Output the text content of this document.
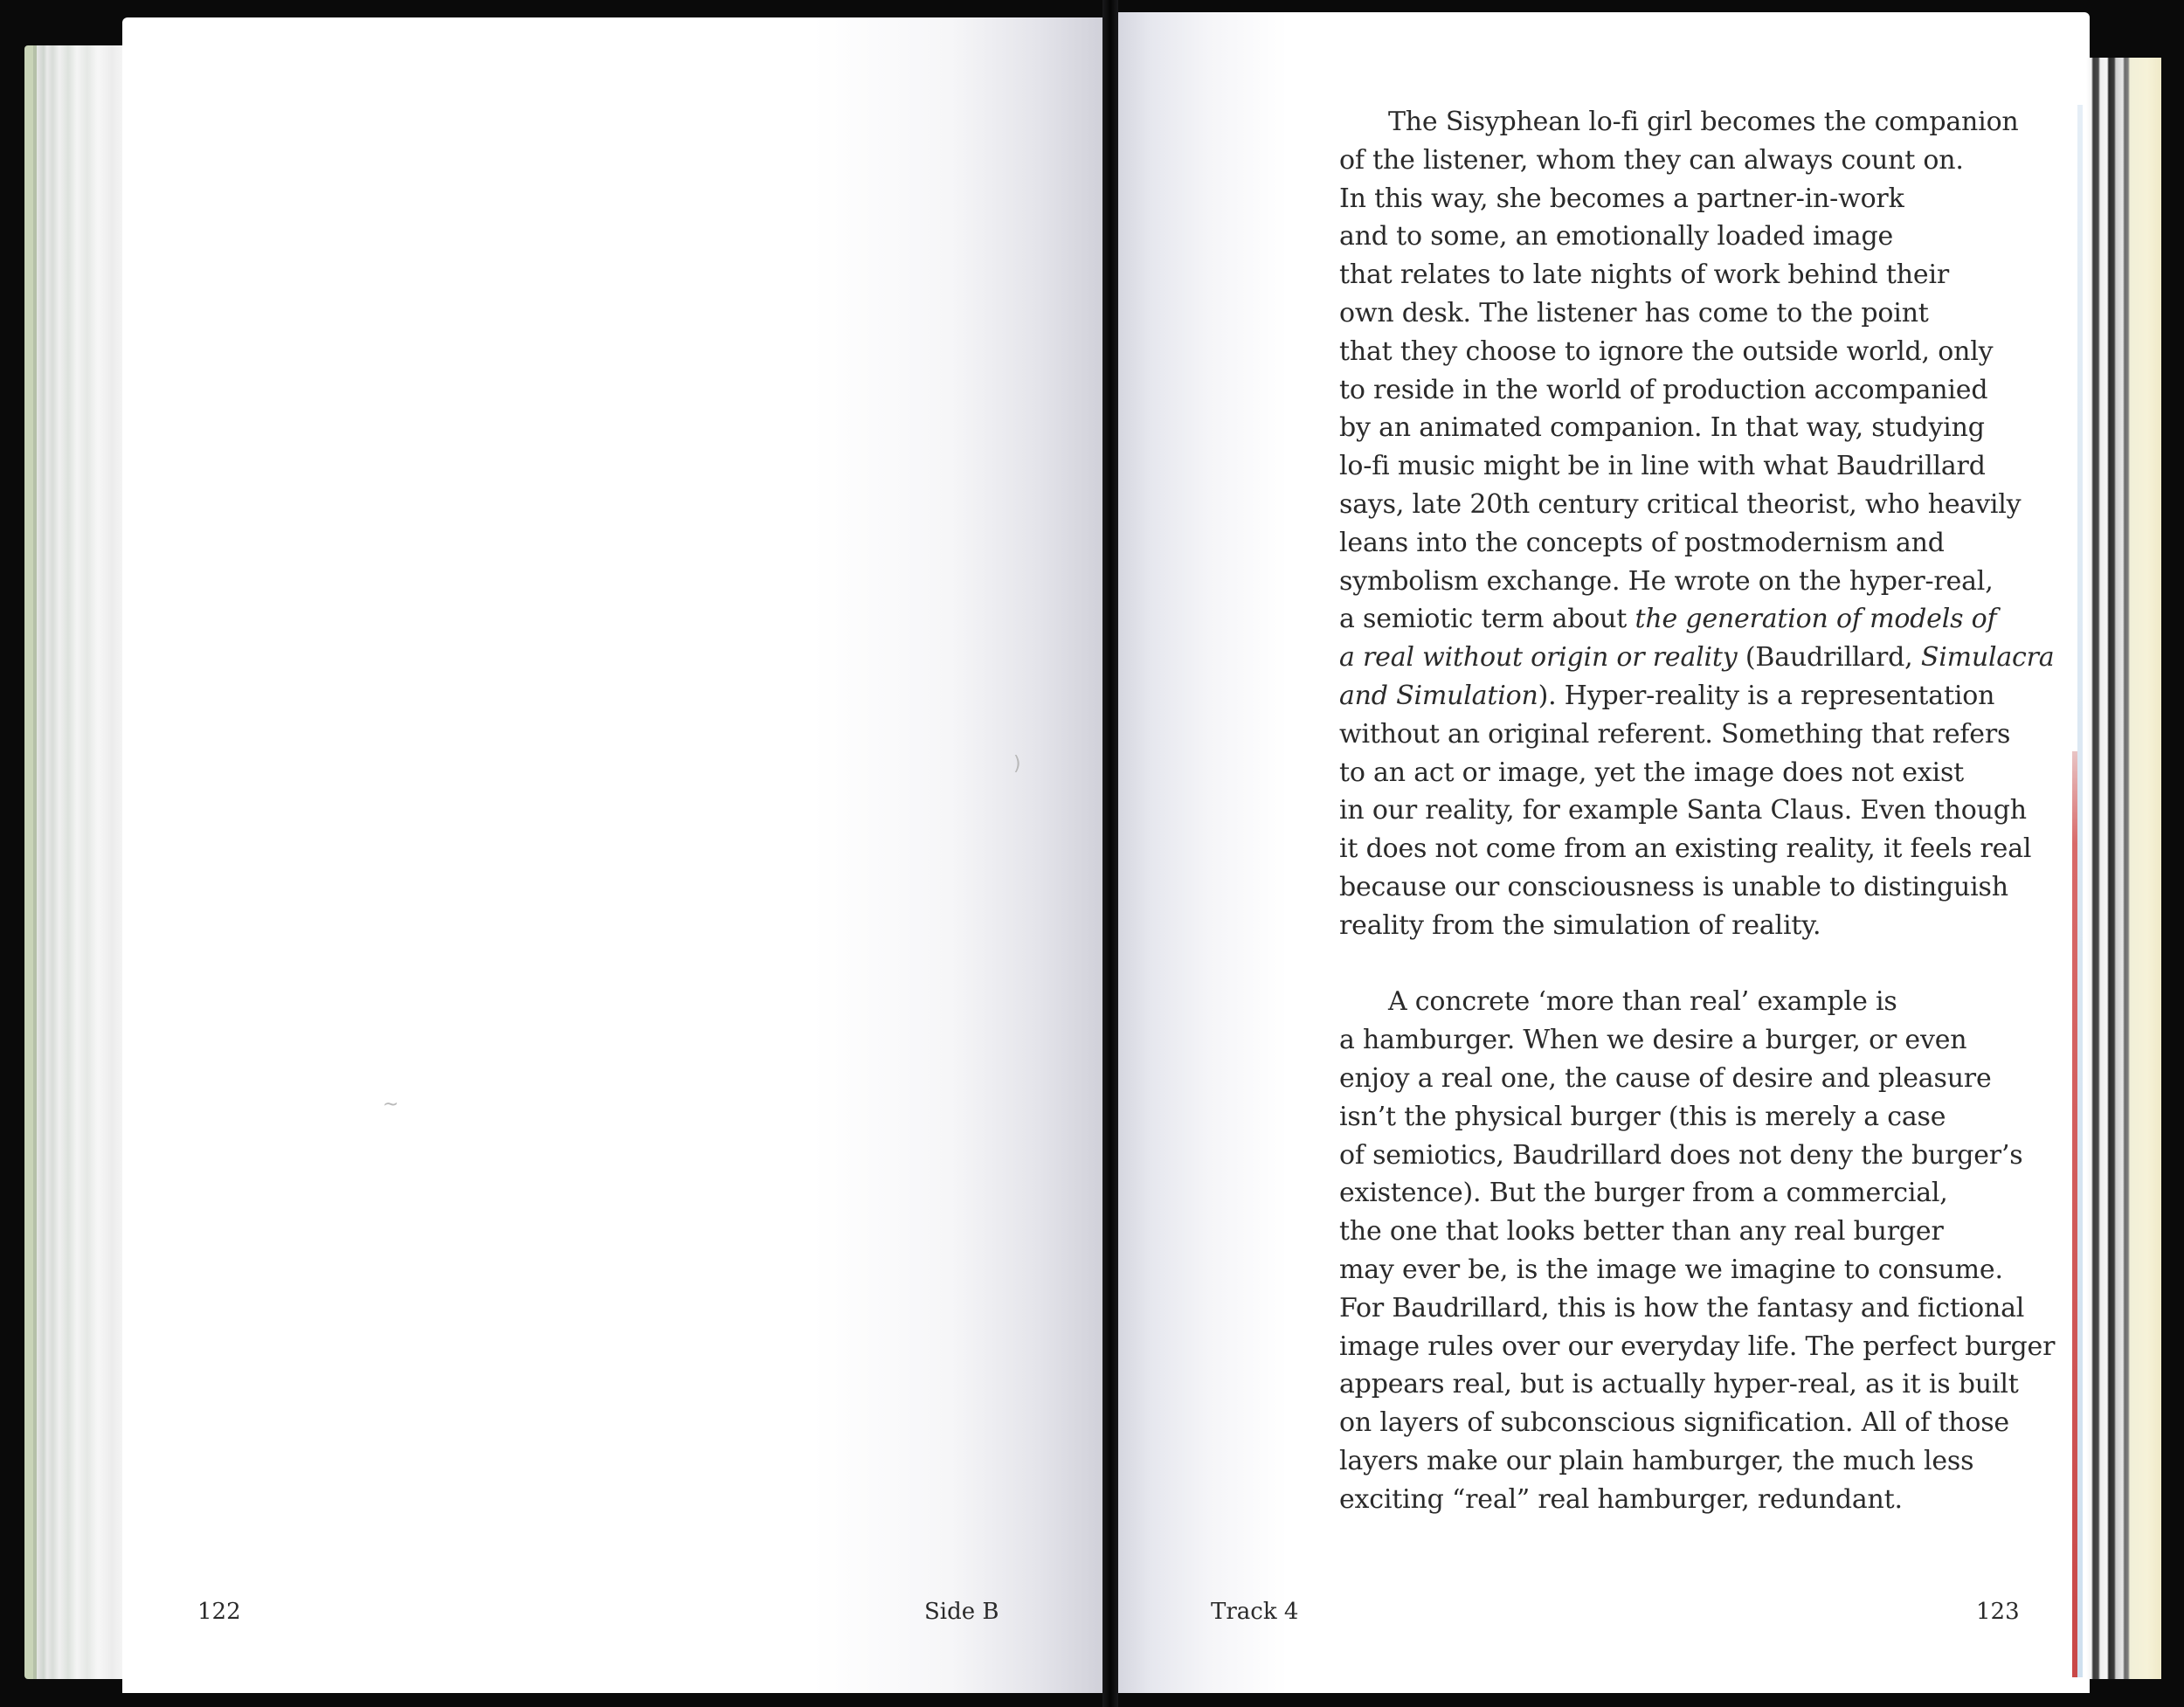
~
)

The Sisyphean lo-fi girl becomes the companion
of the listener, whom they can always count on.
In this way, she becomes a partner-in-work
and to some, an emotionally loaded image
that relates to late nights of work behind their
own desk. The listener has come to the point
that they choose to ignore the outside world, only
to reside in the world of production accompanied
by an animated companion. In that way, studying
lo-fi music might be in line with what Baudrillard
says, late 20th century critical theorist, who heavily
leans into the concepts of postmodernism and
symbolism exchange. He wrote on the hyper-real,
a semiotic term about the generation of models of
a real without origin or reality (Baudrillard, Simulacra
and Simulation). Hyper-reality is a representation
without an original referent. Something that refers
to an act or image, yet the image does not exist
in our reality, for example Santa Claus. Even though
it does not come from an existing reality, it feels real
because our consciousness is unable to distinguish
reality from the simulation of reality.

A concrete ‘more than real’ example is
a hamburger. When we desire a burger, or even
enjoy a real one, the cause of desire and pleasure
isn’t the physical burger (this is merely a case
of semiotics, Baudrillard does not deny the burger’s
existence). But the burger from a commercial,
the one that looks better than any real burger
may ever be, is the image we imagine to consume.
For Baudrillard, this is how the fantasy and fictional
image rules over our everyday life. The perfect burger
appears real, but is actually hyper-real, as it is built
on layers of subconscious signification. All of those
layers make our plain hamburger, the much less
exciting “real” real hamburger, redundant.

122	Side B	Track 4	123
